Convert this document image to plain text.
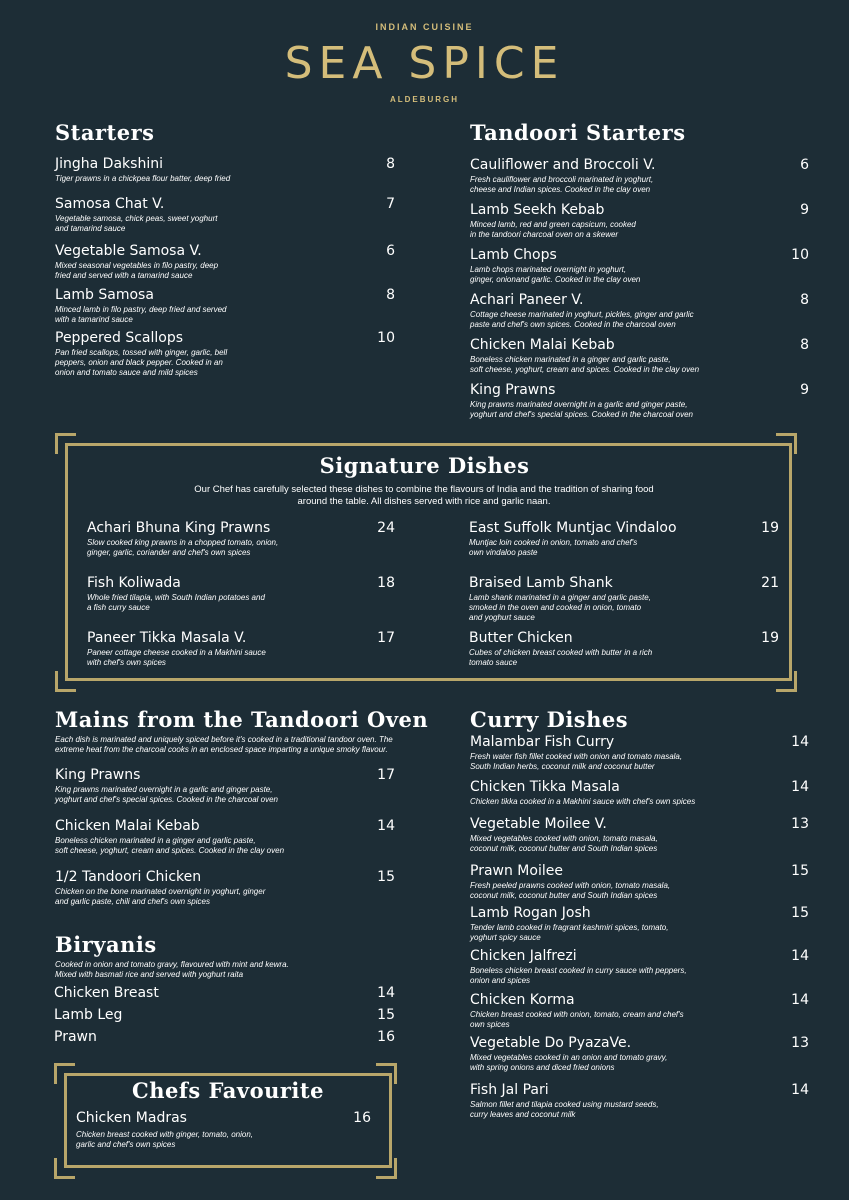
INDIAN CUISINE
SEA SPICE
ALDEBURGH
Starters
Jingha Dakshini	8
Tiger prawns in a chickpea flour batter, deep fried
Samosa Chat V.	7
Vegetable samosa, chick peas, sweet yoghurt
and tamarind sauce
Vegetable Samosa V.	6
Mixed seasonal vegetables in filo pastry, deep
fried and served with a tamarind sauce
Lamb Samosa	8
Minced lamb in filo pastry, deep fried and served
with a tamarind sauce
Peppered Scallops	10
Pan fried scallops, tossed with ginger, garlic, bell
peppers, onion and black pepper. Cooked in an
onion and tomato sauce and mild spices
Tandoori Starters
Cauliflower and Broccoli V.	6
Fresh cauliflower and broccoli marinated in yoghurt,
cheese and Indian spices. Cooked in the clay oven
Lamb Seekh Kebab	9
Minced lamb, red and green capsicum, cooked
in the tandoori charcoal oven on a skewer
Lamb Chops	10
Lamb chops marinated overnight in yoghurt,
ginger, onionand garlic. Cooked in the clay oven
Achari Paneer V.	8
Cottage cheese marinated in yoghurt, pickles, ginger and garlic
paste and chef's own spices. Cooked in the charcoal oven
Chicken Malai Kebab	8
Boneless chicken marinated in a ginger and garlic paste,
soft cheese, yoghurt, cream and spices. Cooked in the clay oven
King Prawns	9
King prawns marinated overnight in a garlic and ginger paste,
yoghurt and chef's special spices. Cooked in the charcoal oven
Signature Dishes
Our Chef has carefully selected these dishes to combine the flavours of India and the tradition of sharing food
around the table. All dishes served with rice and garlic naan.
Achari Bhuna King Prawns	24
Slow cooked king prawns in a chopped tomato, onion,
ginger, garlic, coriander and chef's own spices
Fish Koliwada	18
Whole fried tilapia, with South Indian potatoes and
a fish curry sauce
Paneer Tikka Masala V.	17
Paneer cottage cheese cooked in a Makhini sauce
with chef's own spices
East Suffolk Muntjac Vindaloo	19
Muntjac loin cooked in onion, tomato and chef's
own vindaloo paste
Braised Lamb Shank	21
Lamb shank marinated in a ginger and garlic paste,
smoked in the oven and cooked in onion, tomato
and yoghurt sauce
Butter Chicken	19
Cubes of chicken breast cooked with butter in a rich
tomato sauce
Mains from the Tandoori Oven
Each dish is marinated and uniquely spiced before it's cooked in a traditional tandoor oven. The
extreme heat from the charcoal cooks in an enclosed space imparting a unique smoky flavour.
King Prawns	17
King prawns marinated overnight in a garlic and ginger paste,
yoghurt and chef's special spices. Cooked in the charcoal oven
Chicken Malai Kebab	14
Boneless chicken marinated in a ginger and garlic paste,
soft cheese, yoghurt, cream and spices. Cooked in the clay oven
1/2 Tandoori Chicken	15
Chicken on the bone marinated overnight in yoghurt, ginger
and garlic paste, chili and chef's own spices
Biryanis
Cooked in onion and tomato gravy, flavoured with mint and kewra.
Mixed with basmati rice and served with yoghurt raita
Chicken Breast	14
Lamb Leg	15
Prawn	16
Chefs Favourite
Chicken Madras	16
Chicken breast cooked with ginger, tomato, onion,
garlic and chef's own spices
Curry Dishes
Malambar Fish Curry	14
Fresh water fish fillet cooked with onion and tomato masala,
South Indian herbs, coconut milk and coconut butter
Chicken Tikka Masala	14
Chicken tikka cooked in a Makhini sauce with chef's own spices
Vegetable Moilee V.	13
Mixed vegetables cooked with onion, tomato masala,
coconut milk, coconut butter and South Indian spices
Prawn Moilee	15
Fresh peeled prawns cooked with onion, tomato masala,
coconut milk, coconut butter and South Indian spices
Lamb Rogan Josh	15
Tender lamb cooked in fragrant kashmiri spices, tomato,
yoghurt spicy sauce
Chicken Jalfrezi	14
Boneless chicken breast cooked in curry sauce with peppers,
onion and spices
Chicken Korma	14
Chicken breast cooked with onion, tomato, cream and chef's
own spices
Vegetable Do PyazaVe.	13
Mixed vegetables cooked in an onion and tomato gravy,
with spring onions and diced fried onions
Fish Jal Pari	14
Salmon fillet and tilapia cooked using mustard seeds,
curry leaves and coconut milk
